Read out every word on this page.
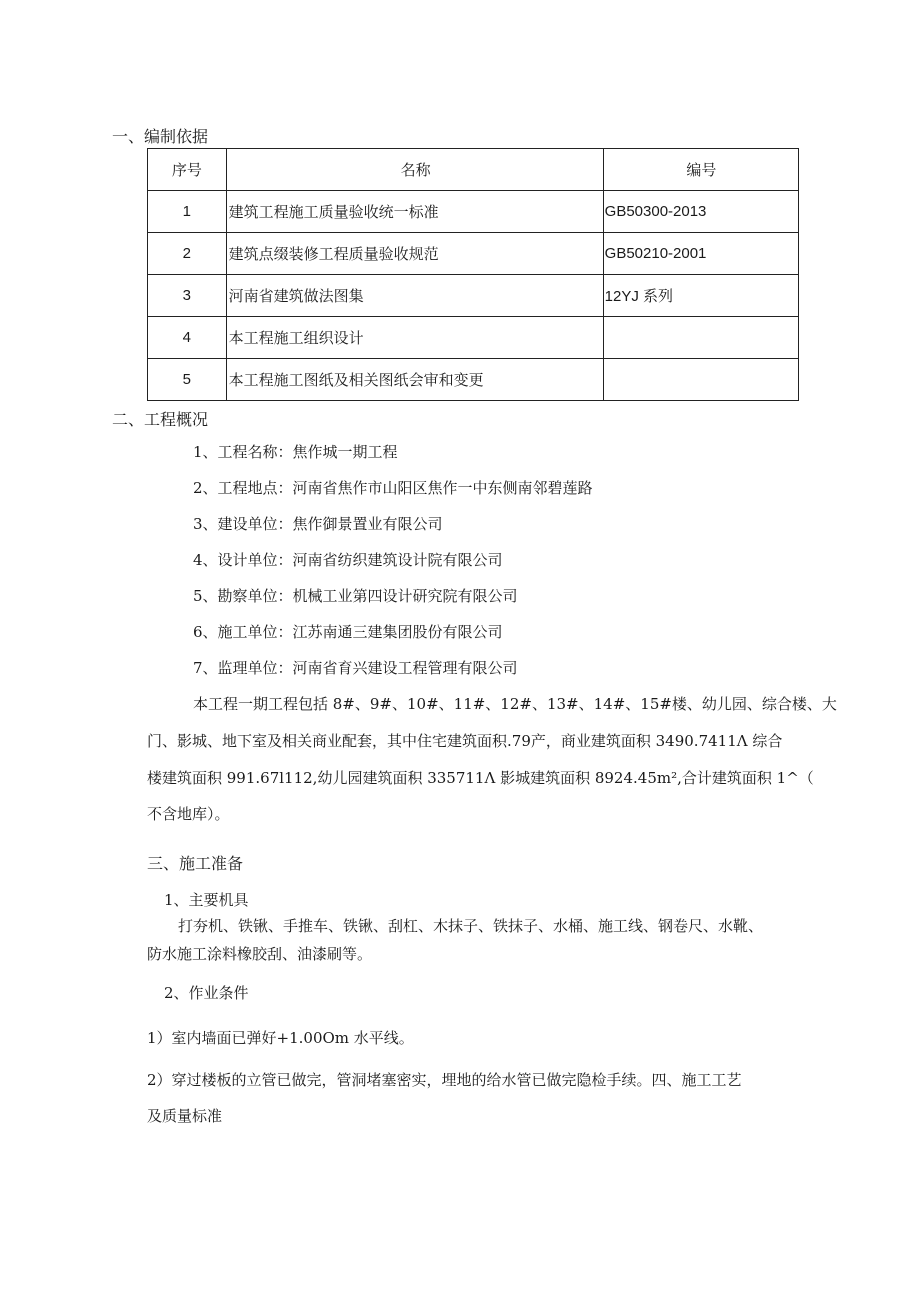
一、编制依据
序号	名称	编号
1	建筑工程施工质量验收统一标准	GB50300-2013
2	建筑点缀装修工程质量验收规范	GB50210-2001
3	河南省建筑做法图集	12YJ 系列
4	本工程施工组织设计	
5	本工程施工图纸及相关图纸会审和变更	
二、工程概况
1、工程名称：焦作城一期工程
2、工程地点：河南省焦作市山阳区焦作一中东侧南邻碧莲路
3、建设单位：焦作御景置业有限公司
4、设计单位：河南省纺织建筑设计院有限公司
5、勘察单位：机械工业第四设计研究院有限公司
6、施工单位：江苏南通三建集团股份有限公司
7、监理单位：河南省育兴建设工程管理有限公司
本工程一期工程包括 8#、9#、10#、11#、12#、13#、14#、15#楼、幼儿园、综合楼、大
门、影城、地下室及相关商业配套，其中住宅建筑面积.79产，商业建筑面积 3490.7411Λ 综合
楼建筑面积 991.67l112,幼儿园建筑面积 335711Λ 影城建筑面积 8924.45m²,合计建筑面积 1^（
不含地库）。
三、施工准备
1、主要机具
打夯机、铁锹、手推车、铁锹、刮杠、木抹子、铁抹子、水桶、施工线、钢卷尺、水靴、
防水施工涂料橡胶刮、油漆刷等。
2、作业条件
1）室内墙面已弹好+1.00Om 水平线。
2）穿过楼板的立管已做完，管洞堵塞密实，埋地的给水管已做完隐检手续。四、施工工艺
及质量标准
